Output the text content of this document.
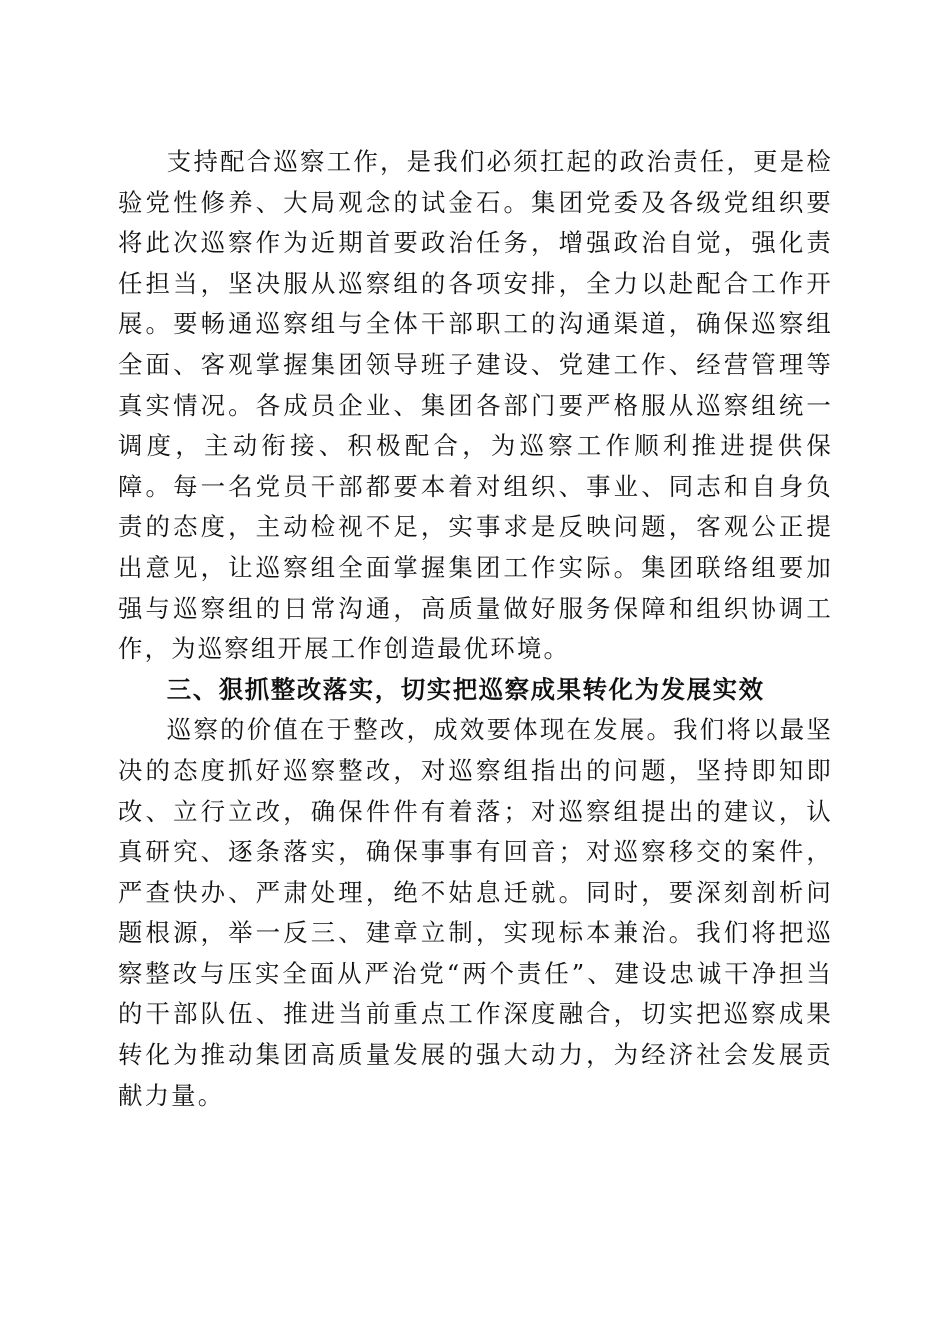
支持配合巡察工作，是我们必须扛起的政治责任，更是检验党性修养、大局观念的试金石。集团党委及各级党组织要将此次巡察作为近期首要政治任务，增强政治自觉，强化责任担当，坚决服从巡察组的各项安排，全力以赴配合工作开展。要畅通巡察组与全体干部职工的沟通渠道，确保巡察组全面、客观掌握集团领导班子建设、党建工作、经营管理等真实情况。各成员企业、集团各部门要严格服从巡察组统一调度，主动衔接、积极配合，为巡察工作顺利推进提供保障。每一名党员干部都要本着对组织、事业、同志和自身负责的态度，主动检视不足，实事求是反映问题，客观公正提出意见，让巡察组全面掌握集团工作实际。集团联络组要加强与巡察组的日常沟通，高质量做好服务保障和组织协调工作，为巡察组开展工作创造最优环境。

三、狠抓整改落实，切实把巡察成果转化为发展实效

巡察的价值在于整改，成效要体现在发展。我们将以最坚决的态度抓好巡察整改，对巡察组指出的问题，坚持即知即改、立行立改，确保件件有着落；对巡察组提出的建议，认真研究、逐条落实，确保事事有回音；对巡察移交的案件，严查快办、严肃处理，绝不姑息迁就。同时，要深刻剖析问题根源，举一反三、建章立制，实现标本兼治。我们将把巡察整改与压实全面从严治党“两个责任”、建设忠诚干净担当的干部队伍、推进当前重点工作深度融合，切实把巡察成果转化为推动集团高质量发展的强大动力，为经济社会发展贡献力量。
